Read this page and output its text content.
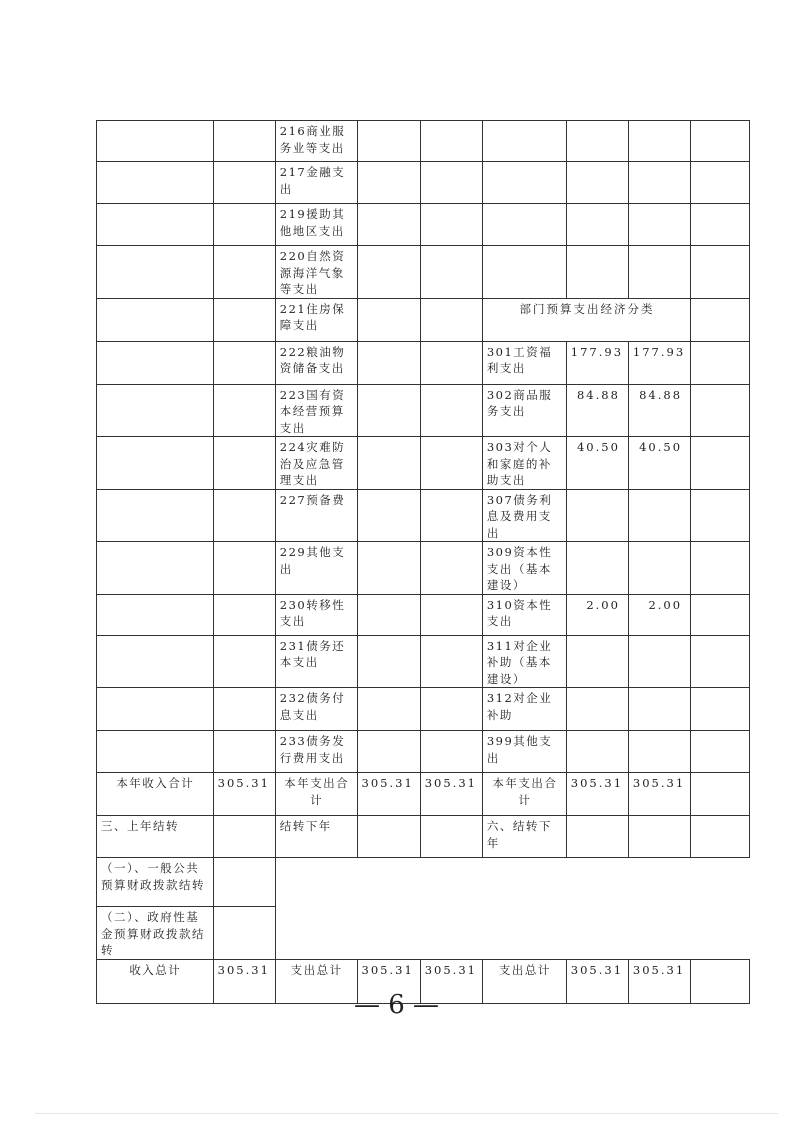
		216商业服务业等支出						
		217金融支出						
		219援助其他地区支出						
		220自然资源海洋气象等支出						
		221住房保障支出			部门预算支出经济分类			
		222粮油物资储备支出			301工资福利支出	177.93	177.93	
		223国有资本经营预算支出			302商品服务支出	84.88	84.88	
		224灾难防治及应急管理支出			303对个人和家庭的补助支出	40.50	40.50	
		227预备费			307债务利息及费用支出			
		229其他支出			309资本性支出（基本建设）			
		230转移性支出			310资本性支出	2.00	2.00	
		231债务还本支出			311对企业补助（基本建设）			
		232债务付息支出			312对企业补助			
		233债务发行费用支出			399其他支出			
本年收入合计	305.31	本年支出合计	305.31	305.31	本年支出合计	305.31	305.31	
三、上年结转		结转下年			六、结转下年			
（一）、一般公共预算财政拨款结转								
（二）、政府性基金预算财政拨款结转								
收入总计	305.31	支出总计	305.31	305.31	支出总计	305.31	305.31	
— 6 —
